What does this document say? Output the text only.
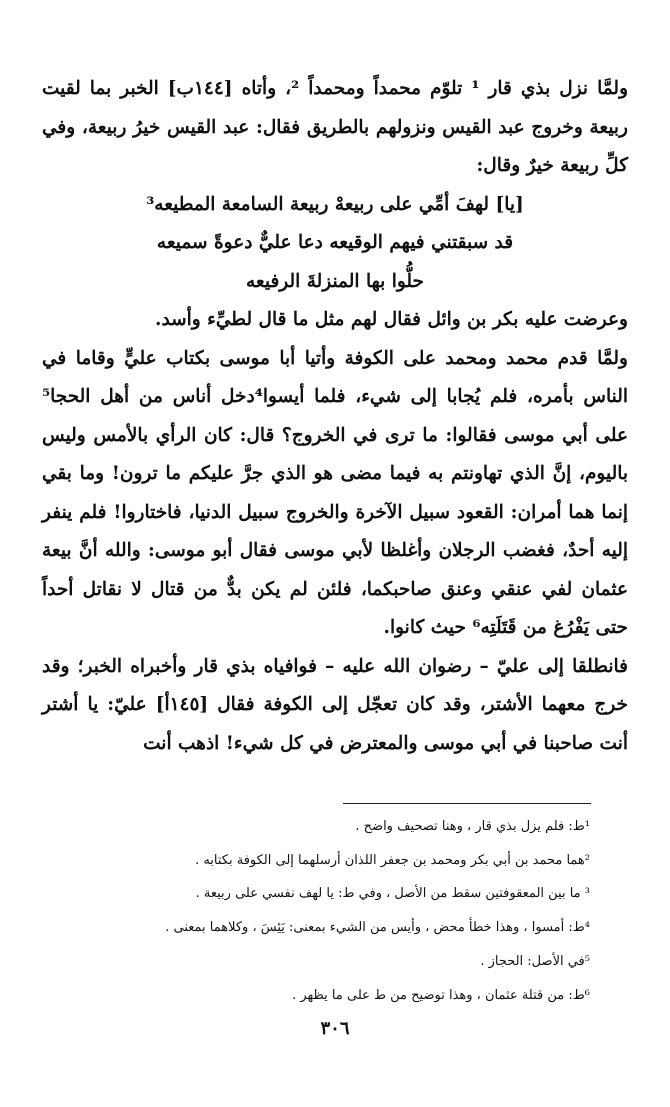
ولمَّا نزل بذي قار ¹ تلوّم محمداً ومحمداً ²، وأتاه [١٤٤ب] الخبر بما لقيت ربيعة وخروج عبد القيس ونزولهم بالطريق فقال: عبد القيس خيرُ ربيعة، وفي كلِّ ربيعة خيرٌ وقال:

[يا] لهفَ أمِّي على ربيعهْ ربيعة السامعة المطيعه³

قد سبقتني فيهم الوقيعه دعا عليٌّ دعوةً سميعه

حلُّوا بها المنزلةَ الرفيعه

وعرضت عليه بكر بن وائل فقال لهم مثل ما قال لطيِّء وأسد.

ولمَّا قدم محمد ومحمد على الكوفة وأتيا أبا موسى بكتاب عليٍّ وقاما في الناس بأمره، فلم يُجابا إلى شيء، فلما أيسوا⁴دخل أناس من أهل الحجا⁵ على أبي موسى فقالوا: ما ترى في الخروج؟ قال: كان الرأي بالأمس وليس باليوم، إنَّ الذي تهاونتم به فيما مضى هو الذي جرَّ عليكم ما ترون! وما بقي إنما هما أمران: القعود سبيل الآخرة والخروج سبيل الدنيا، فاختاروا! فلم ينفر إليه أحدٌ، فغضب الرجلان وأغلظا لأبي موسى فقال أبو موسى: والله أنَّ بيعة عثمان لفي عنقي وعنق صاحبكما، فلئن لم يكن بدٌّ من قتال لا نقاتل أحداً حتى يَفْرُغ من قَتَلَتِه⁶ حيث كانوا.

فانطلقا إلى عليّ – رضوان الله عليه – فوافياه بذي قار وأخبراه الخبر؛ وقد خرج معهما الأشتر، وقد كان تعجّل إلى الكوفة فقال [١٤٥أ] عليّ: يا أشتر أنت صاحبنا في أبي موسى والمعترض في كل شيء! اذهب أنت

¹ط: فلم يزل بذي قار ، وهنا تصحيف واضح .

²هما محمد بن أبي بكر ومحمد بن جعفر اللذان أرسلهما إلى الكوفة بكتابه .

³ ما بين المعقوفتين سقط من الأصل ، وفي ط: يا لهف نفسي على ربيعة .

⁴ط: أمسوا ، وهذا خطأ محض ، وأيس من الشيء بمعنى: يَئِسَ ، وكلاهما بمعنى .

⁵في الأصل: الحجاز .

⁶ط: من قتلة عثمان ، وهذا توضيح من ط على ما يظهر .

٣٠٦
